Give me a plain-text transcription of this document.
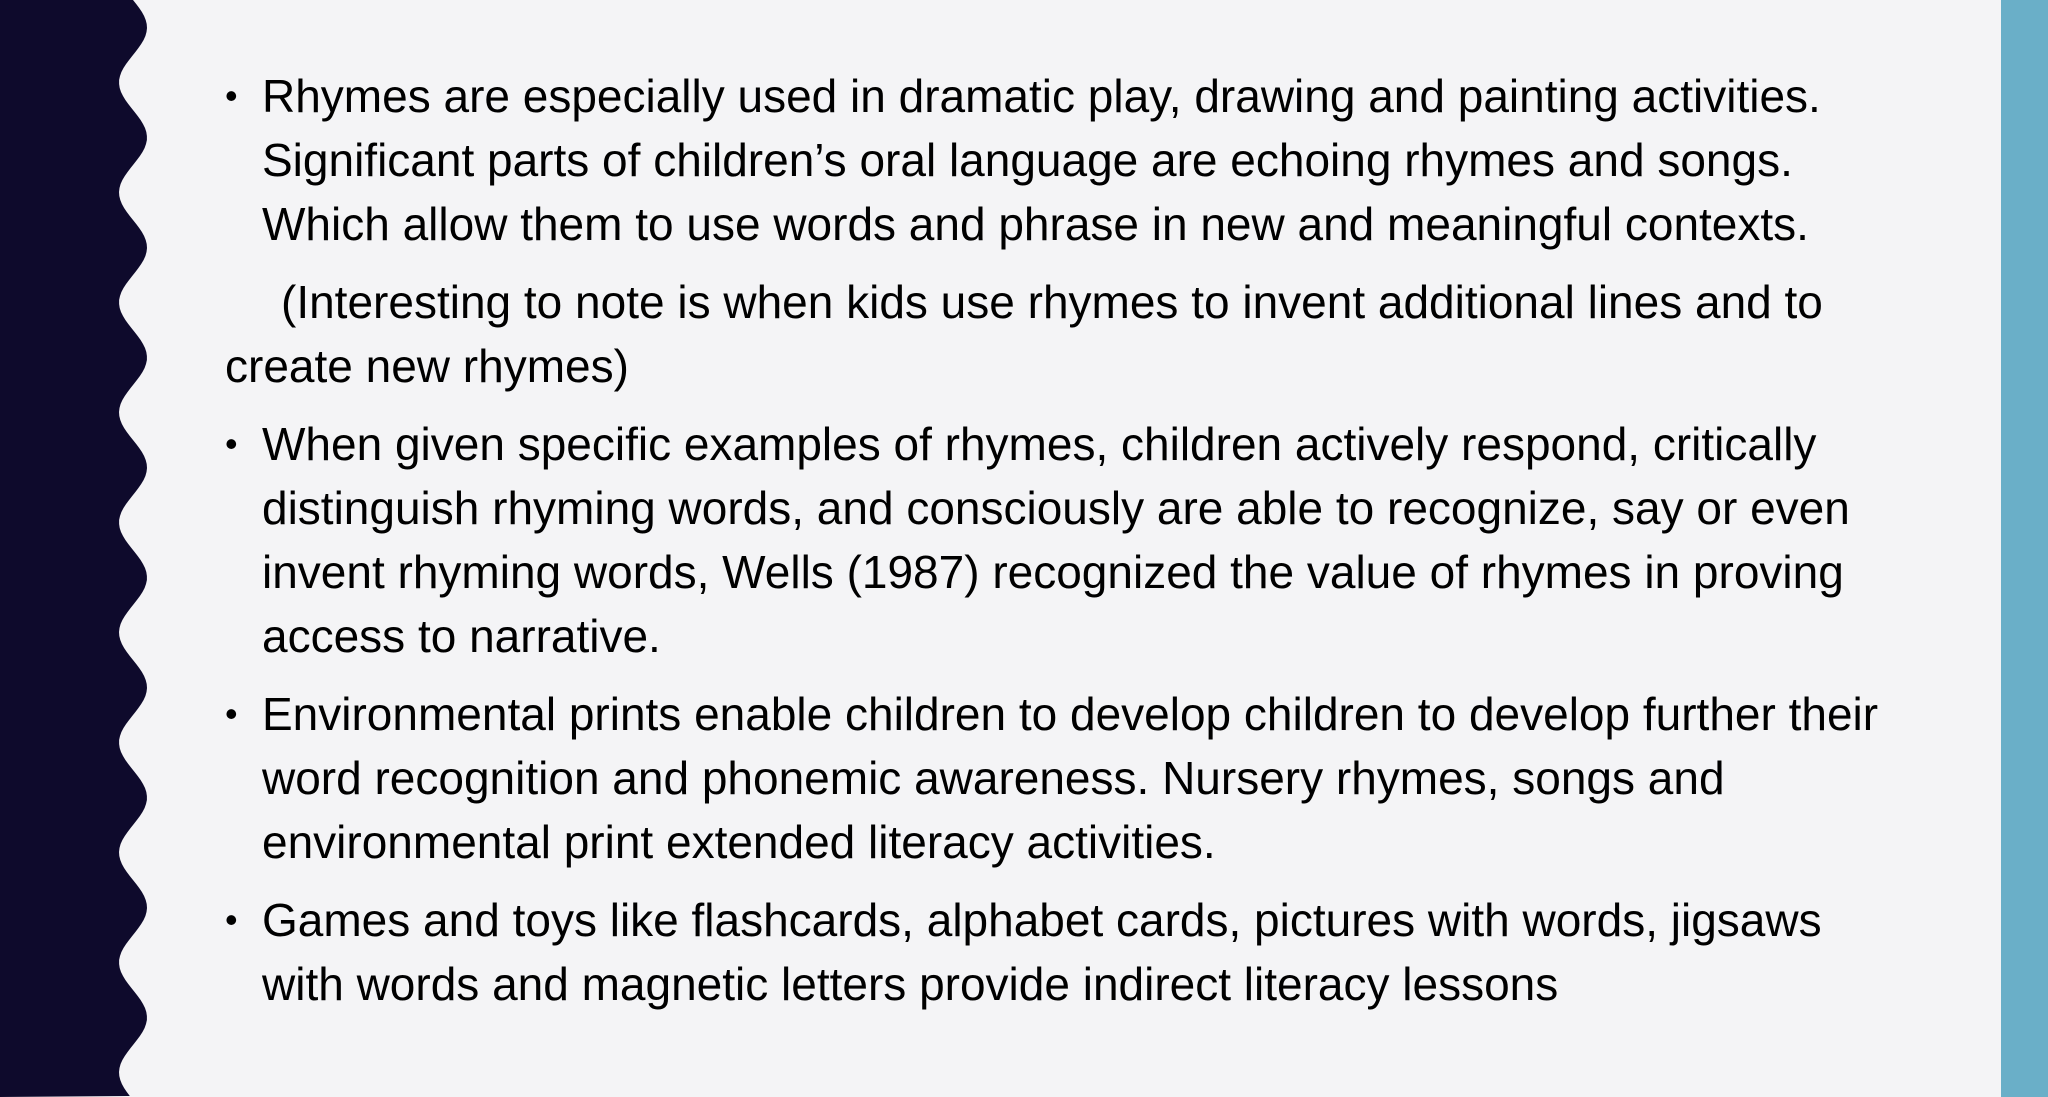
• Rhymes are especially used in dramatic play, drawing and painting activities. Significant parts of children’s oral language are echoing rhymes and songs. Which allow them to use words and phrase in new and meaningful contexts.
(Interesting to note is when kids use rhymes to invent additional lines and to create new rhymes)
• When given specific examples of rhymes, children actively respond, critically distinguish rhyming words, and consciously are able to recognize, say or even invent rhyming words, Wells (1987) recognized the value of rhymes in proving access to narrative.
• Environmental prints enable children to develop children to develop further their word recognition and phonemic awareness. Nursery rhymes, songs and environmental print extended literacy activities.
• Games and toys like flashcards, alphabet cards, pictures with words, jigsaws with words and magnetic letters provide indirect literacy lessons
